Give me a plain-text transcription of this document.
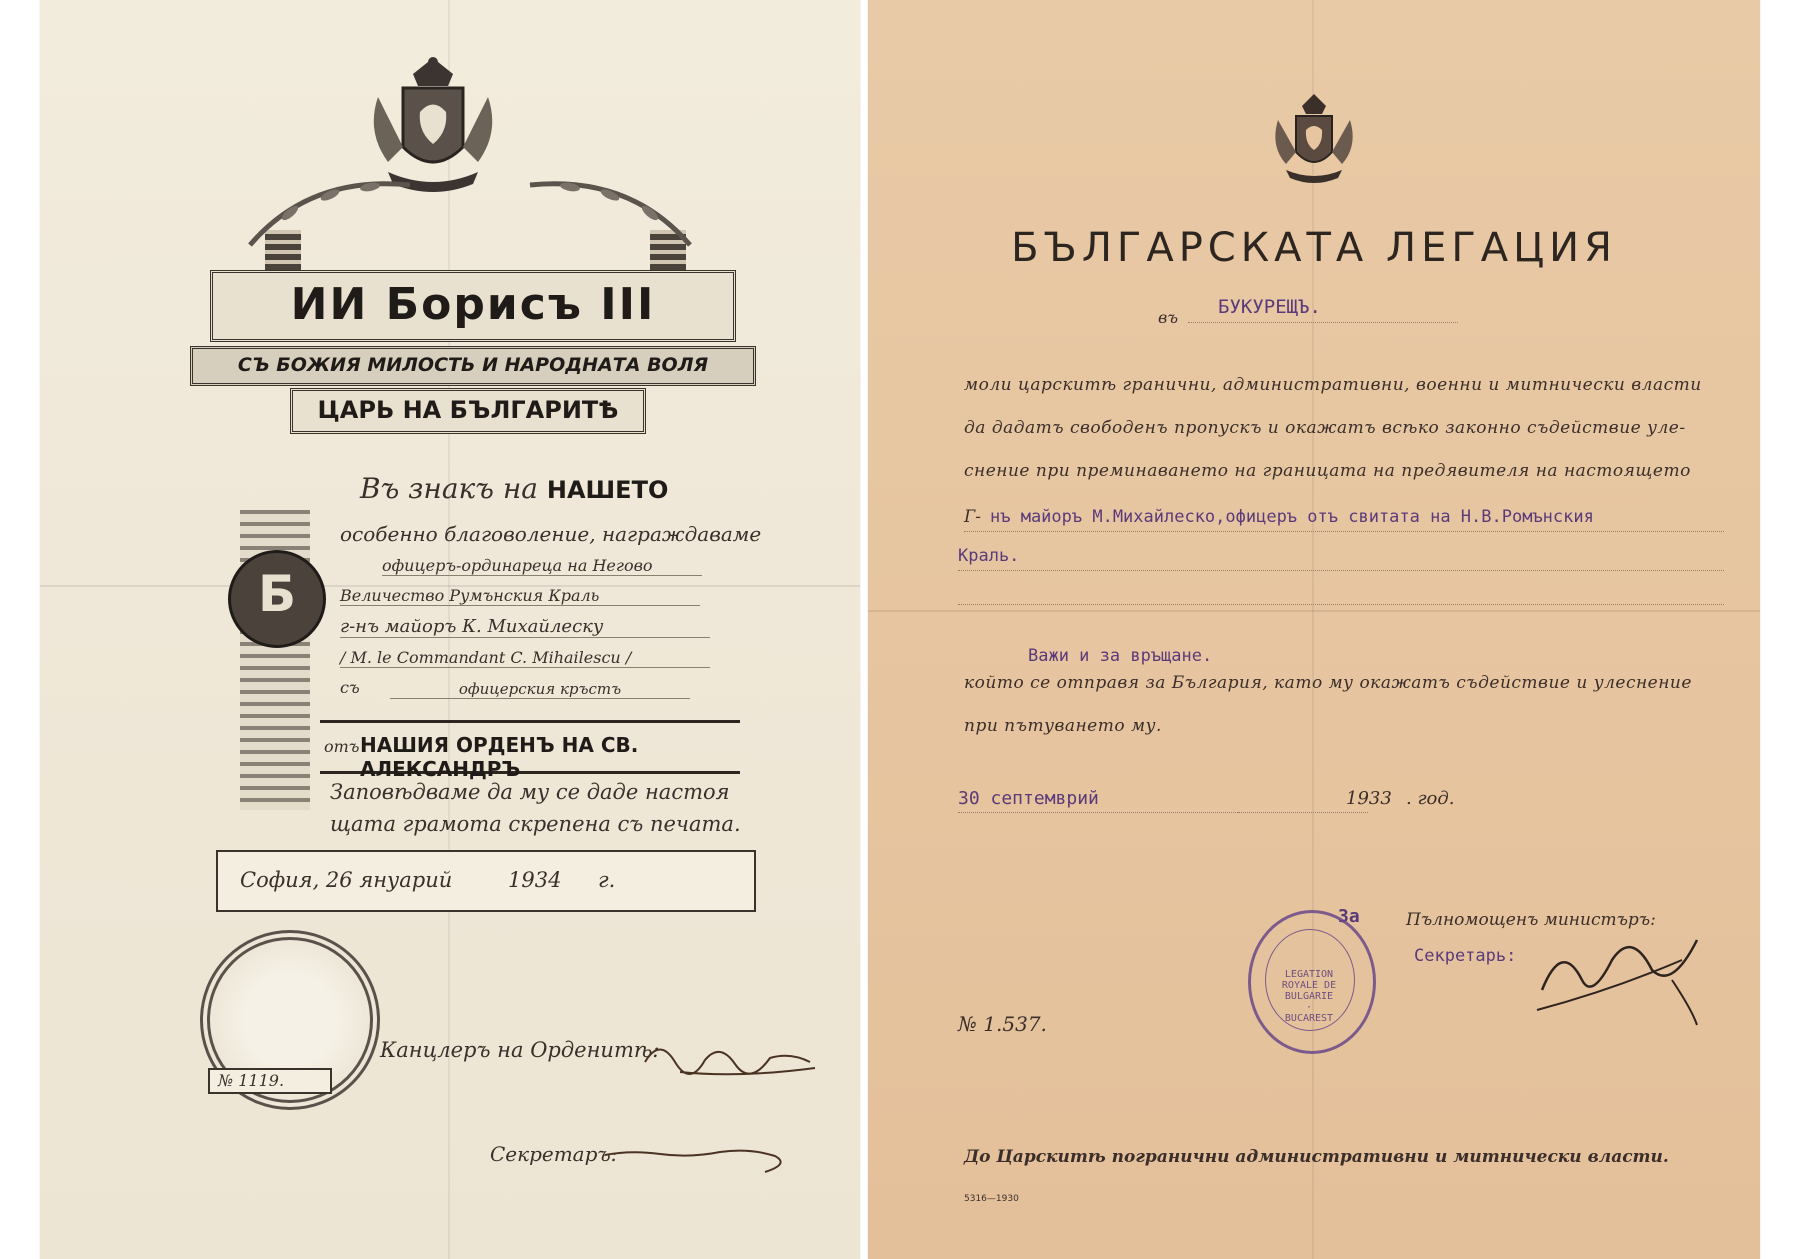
ИИ Борисъ III
СЪ БОЖИЯ МИЛОСТЬ И НАРОДНАТА ВОЛЯ
ЦАРЬ НА БЪЛГАРИТѢ
Б
Въ знакъ на НАШЕТО
особенно благоволение, награждаваме
офицеръ-ординареца на Негово
Величество Румънския Краль
г-нъ майоръ К. Михайлеску
/ M. le Commandant C. Mihailescu /
съ	офицерския кръстъ
отъ НАШИЯ ОРДЕНЪ НА СВ. АЛЕКСАНДРЪ
Заповѣдваме да му се даде настоя
щата грамота скрепена съ печата.
София, 26 януарий	1934 г.
Канцлеръ на Орденитѣ:
№ 1119.
Секретаръ:
БЪЛГАРСКАТА ЛЕГАЦИЯ
въ БУКУРЕЩЪ.
моли царскитѣ гранични, административни, военни и митнически власти
да дадатъ свободенъ пропускъ и окажатъ всѣко законно съдействие уле-
снение при преминаването на границата на предявителя на настоящето
Г- нъ майоръ М.Михайлеско,офицеръ отъ свитата на Н.В.Ромънския
Краль.
Важи и за връщане.
който се отправя за България, като му окажатъ съдействие и улеснение
при пътуването му.
30 септемврий	1933 . год.
Пълномощенъ министъръ:
За
Секретарь:
LEGATION ROYALE DE BULGARIE · BUCAREST
№ 1.537.
До Царскитѣ погранични административни и митнически власти.
5316—1930
